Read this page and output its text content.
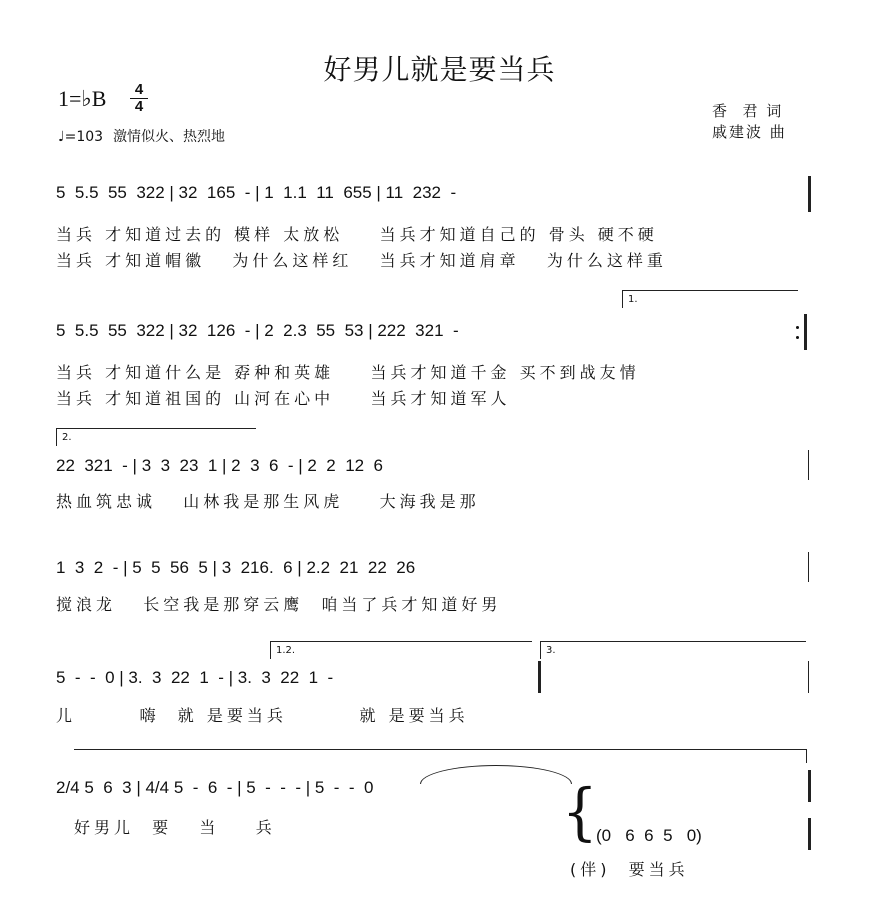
好男儿就是要当兵
1=♭B	4
4
♩=103 激情似火、热烈地
香  君 词
戚建波 曲
5  5.5  55  322 | 32  165  - | 1  1.1  11  655 | 11  232  -
当兵 才知道过去的 模样 太放松    当兵才知道自己的 骨头 硬不硬
当兵 才知道帽徽   为什么这样红   当兵才知道肩章   为什么这样重
1.
5  5.5  55  322 | 32  126  - | 2  2.3  55  53 | 222  321  -
当兵 才知道什么是 孬种和英雄    当兵才知道千金 买不到战友情
当兵 才知道祖国的 山河在心中    当兵才知道军人
2.
22  321  - | 3  3  23  1 | 2  3  6  - | 2  2  12  6
热血筑忠诚   山林我是那生风虎    大海我是那
1  3  2  - | 5  5  56  5 | 3  216.  6 | 2.2  21  22  26
搅浪龙   长空我是那穿云鹰  咱当了兵才知道好男
1.2.	3.
5  -  -  0 | 3.  3  22  1  - | 3.  3  22  1  -
儿       嗨  就 是要当兵        就 是要当兵
2/4 5  6  3 | 4/4 5  -  6  - | 5  -  -  - | 5  -  -  0
好男儿  要   当    兵	{
(0   6  6  5   0)
(伴)  要当兵
